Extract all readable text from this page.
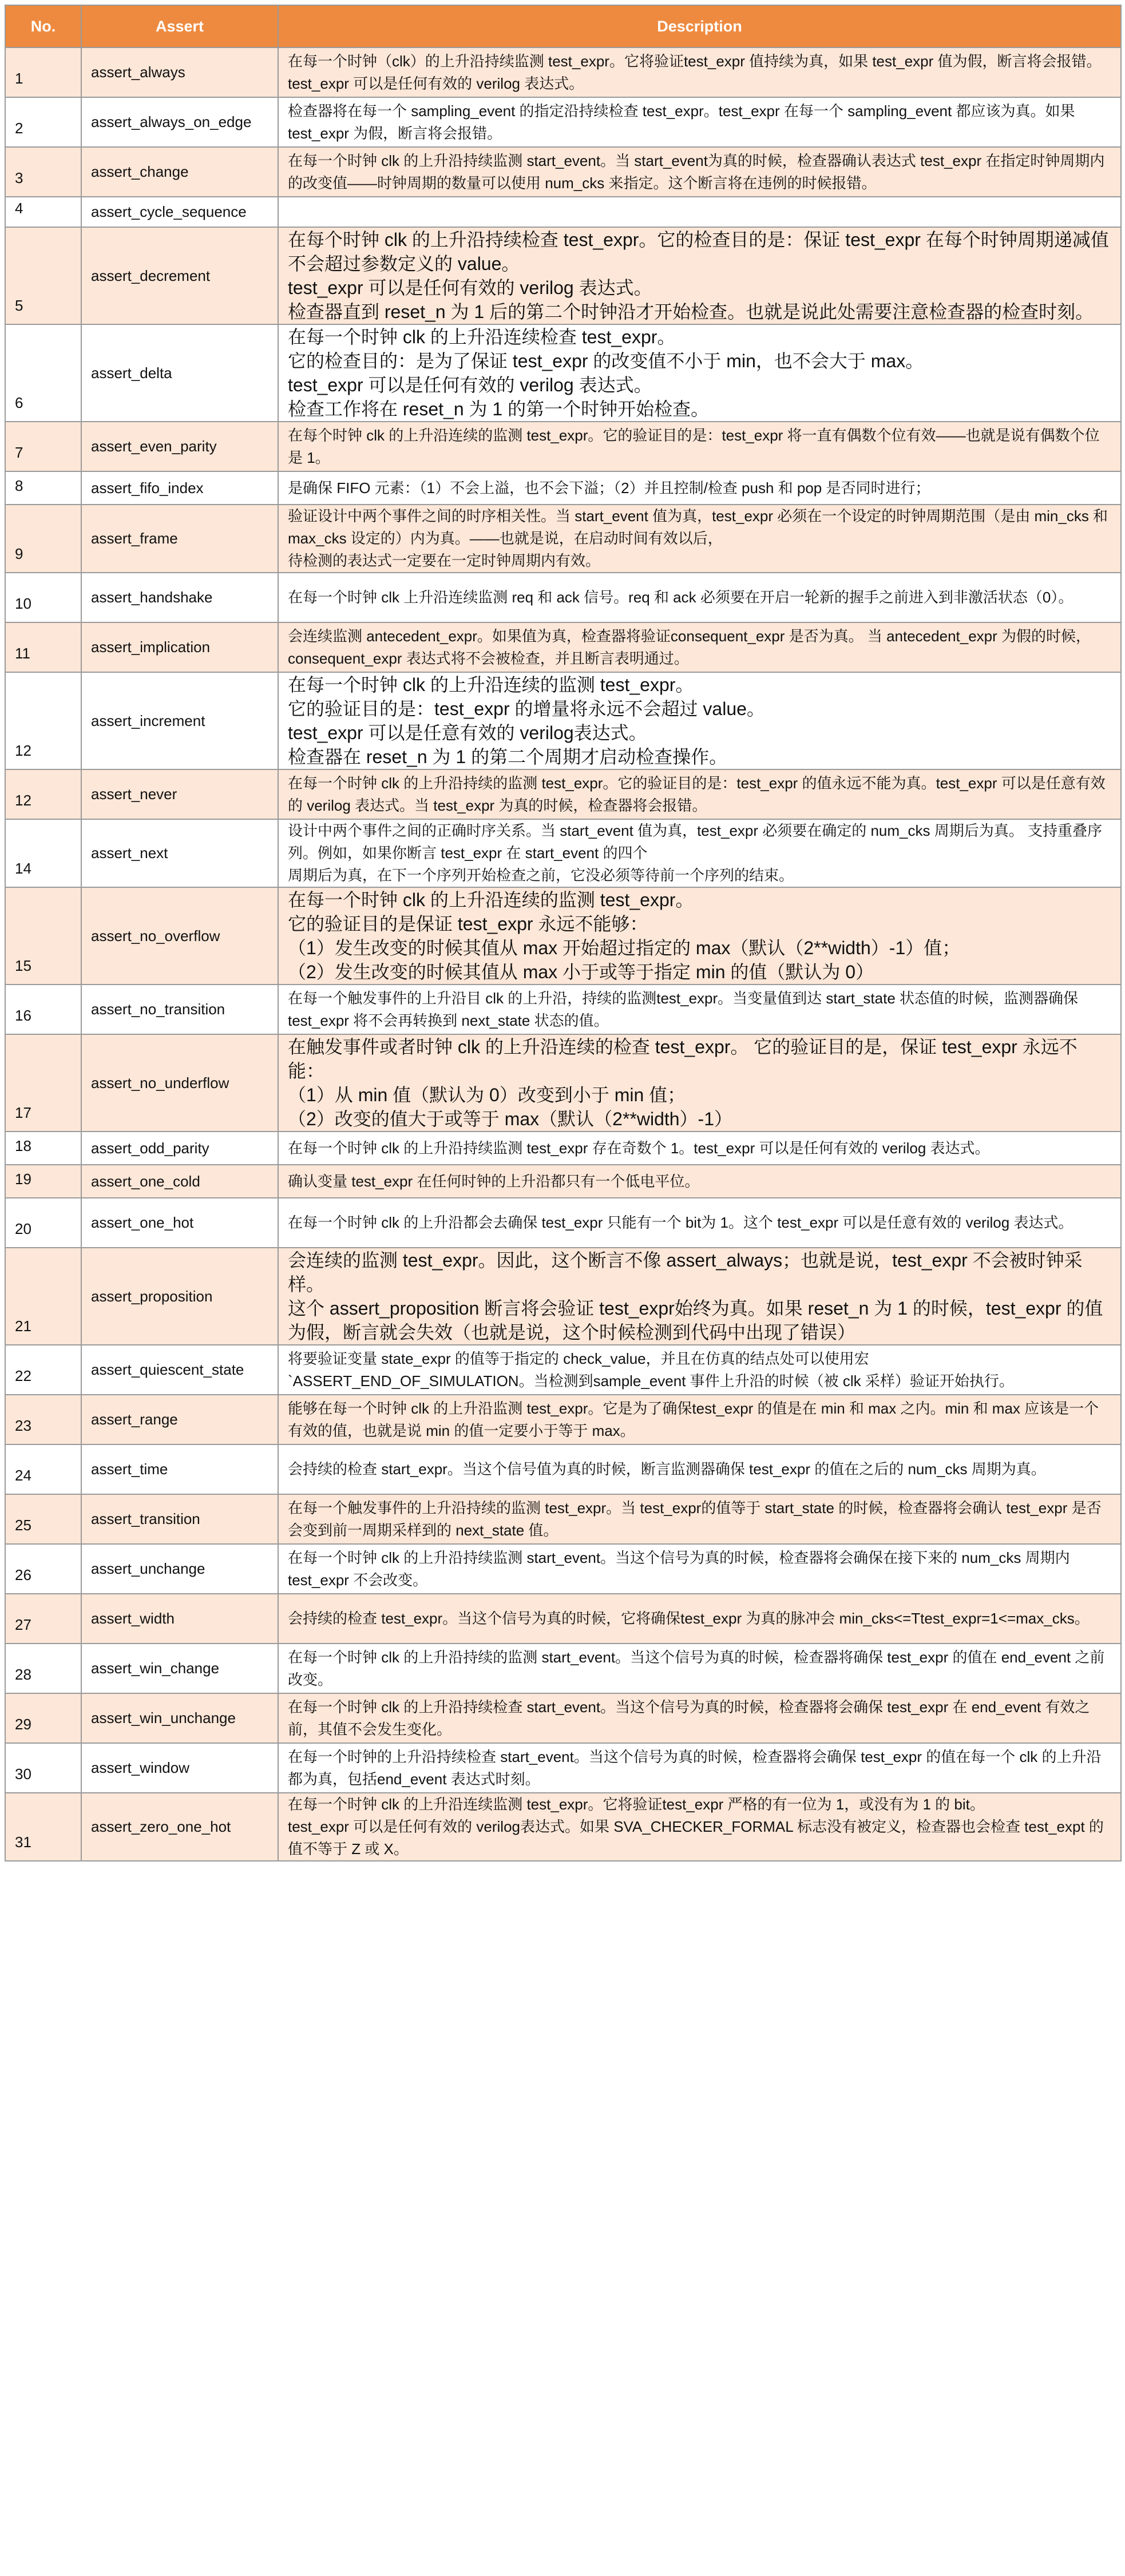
No.	Assert	Description
1	assert_always	在每一个时钟（clk）的上升沿持续监测 test_expr。它将验证test_expr 值持续为真，如果 test_expr 值为假，断言将会报错。test_expr 可以是任何有效的 verilog 表达式。
2	assert_always_on_edge	检查器将在每一个 sampling_event 的指定沿持续检查 test_expr。test_expr 在每一个 sampling_event 都应该为真。如果 test_expr 为假，断言将会报错。
3	assert_change	在每一个时钟 clk 的上升沿持续监测 start_event。当 start_event为真的时候，检查器确认表达式 test_expr 在指定时钟周期内的改变值——时钟周期的数量可以使用 num_cks 来指定。这个断言将在违例的时候报错。
4	assert_cycle_sequence	
5	assert_decrement	在每个时钟 clk 的上升沿持续检查 test_expr。它的检查目的是：保证 test_expr 在每个时钟周期递减值不会超过参数定义的 value。
test_expr 可以是任何有效的 verilog 表达式。
检查器直到 reset_n 为 1 后的第二个时钟沿才开始检查。也就是说此处需要注意检查器的检查时刻。
6	assert_delta	在每一个时钟 clk 的上升沿连续检查 test_expr。
它的检查目的：是为了保证 test_expr 的改变值不小于 min，也不会大于 max。
test_expr 可以是任何有效的 verilog 表达式。
检查工作将在 reset_n 为 1 的第一个时钟开始检查。
7	assert_even_parity	在每个时钟 clk 的上升沿连续的监测 test_expr。它的验证目的是：test_expr 将一直有偶数个位有效——也就是说有偶数个位是 1。
8	assert_fifo_index	是确保 FIFO 元素：（1）不会上溢，也不会下溢；（2）并且控制/检查 push 和 pop 是否同时进行；
9	assert_frame	验证设计中两个事件之间的时序相关性。当 start_event 值为真，test_expr 必须在一个设定的时钟周期范围（是由 min_cks 和 max_cks 设定的）内为真。——也就是说，在启动时间有效以后，
待检测的表达式一定要在一定时钟周期内有效。
10	assert_handshake	在每一个时钟 clk 上升沿连续监测 req 和 ack 信号。req 和 ack 必须要在开启一轮新的握手之前进入到非激活状态（0）。
11	assert_implication	会连续监测 antecedent_expr。如果值为真，检查器将验证consequent_expr 是否为真。 当 antecedent_expr 为假的时候，consequent_expr 表达式将不会被检查，并且断言表明通过。
12	assert_increment	在每一个时钟 clk 的上升沿连续的监测 test_expr。
它的验证目的是：test_expr 的增量将永远不会超过 value。
test_expr 可以是任意有效的 verilog表达式。
检查器在 reset_n 为 1 的第二个周期才启动检查操作。
12	assert_never	在每一个时钟 clk 的上升沿持续的监测 test_expr。它的验证目的是：test_expr 的值永远不能为真。test_expr 可以是任意有效的 verilog 表达式。当 test_expr 为真的时候，检查器将会报错。
14	assert_next	设计中两个事件之间的正确时序关系。当 start_event 值为真，test_expr 必须要在确定的 num_cks 周期后为真。 支持重叠序列。例如，如果你断言 test_expr 在 start_event 的四个
周期后为真，在下一个序列开始检查之前，它没必须等待前一个序列的结束。
15	assert_no_overflow	在每一个时钟 clk 的上升沿连续的监测 test_expr。
它的验证目的是保证 test_expr 永远不能够：
（1）发生改变的时候其值从 max 开始超过指定的 max（默认（2**width）-1）值；
（2）发生改变的时候其值从 max 小于或等于指定 min 的值（默认为 0）
16	assert_no_transition	在每一个触发事件的上升沿目 clk 的上升沿，持续的监测test_expr。当变量值到达 start_state 状态值的时候，监测器确保 test_expr 将不会再转换到 next_state 状态的值。
17	assert_no_underflow	在触发事件或者时钟 clk 的上升沿连续的检查 test_expr。 它的验证目的是，保证 test_expr 永远不能：
（1）从 min 值（默认为 0）改变到小于 min 值；
（2）改变的值大于或等于 max（默认（2**width）-1）
18	assert_odd_parity	在每一个时钟 clk 的上升沿持续监测 test_expr 存在奇数个 1。test_expr 可以是任何有效的 verilog 表达式。
19	assert_one_cold	确认变量 test_expr 在任何时钟的上升沿都只有一个低电平位。
20	assert_one_hot	在每一个时钟 clk 的上升沿都会去确保 test_expr 只能有一个 bit为 1。这个 test_expr 可以是任意有效的 verilog 表达式。
21	assert_proposition	会连续的监测 test_expr。因此，这个断言不像 assert_always；也就是说，test_expr 不会被时钟采样。
这个 assert_proposition 断言将会验证 test_expr始终为真。如果 reset_n 为 1 的时候，test_expr 的值为假，断言就会失效（也就是说，这个时候检测到代码中出现了错误）
22	assert_quiescent_state	将要验证变量 state_expr 的值等于指定的 check_value，并且在仿真的结点处可以使用宏 `ASSERT_END_OF_SIMULATION。当检测到sample_event 事件上升沿的时候（被 clk 采样）验证开始执行。
23	assert_range	能够在每一个时钟 clk 的上升沿监测 test_expr。它是为了确保test_expr 的值是在 min 和 max 之内。min 和 max 应该是一个有效的值，也就是说 min 的值一定要小于等于 max。
24	assert_time	会持续的检查 start_expr。当这个信号值为真的时候，断言监测器确保 test_expr 的值在之后的 num_cks 周期为真。
25	assert_transition	在每一个触发事件的上升沿持续的监测 test_expr。当 test_expr的值等于 start_state 的时候，检查器将会确认 test_expr 是否会变到前一周期采样到的 next_state 值。
26	assert_unchange	在每一个时钟 clk 的上升沿持续监测 start_event。当这个信号为真的时候，检查器将会确保在接下来的 num_cks 周期内 test_expr 不会改变。
27	assert_width	会持续的检查 test_expr。当这个信号为真的时候，它将确保test_expr 为真的脉冲会 min_cks<=Ttest_expr=1<=max_cks。
28	assert_win_change	在每一个时钟 clk 的上升沿持续的监测 start_event。当这个信号为真的时候，检查器将确保 test_expr 的值在 end_event 之前改变。
29	assert_win_unchange	在每一个时钟 clk 的上升沿持续检查 start_event。当这个信号为真的时候，检查器将会确保 test_expr 在 end_event 有效之前，其值不会发生变化。
30	assert_window	在每一个时钟的上升沿持续检查 start_event。当这个信号为真的时候，检查器将会确保 test_expr 的值在每一个 clk 的上升沿都为真，包括end_event 表达式时刻。
31	assert_zero_one_hot	在每一个时钟 clk 的上升沿连续监测 test_expr。它将验证test_expr 严格的有一位为 1，或没有为 1 的 bit。
test_expr 可以是任何有效的 verilog表达式。如果 SVA_CHECKER_FORMAL 标志没有被定义，检查器也会检查 test_expt 的值不等于 Z 或 X。
